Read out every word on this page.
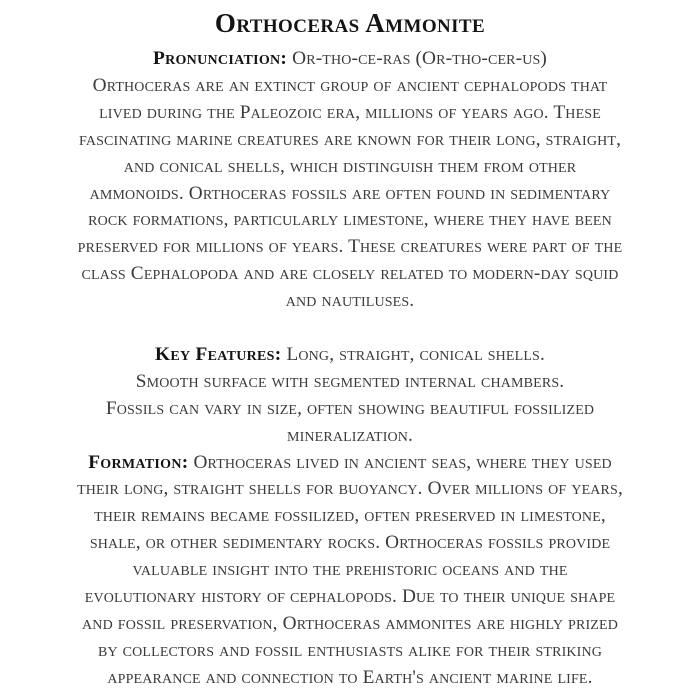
Orthoceras Ammonite
Pronunciation: Or-tho-ce-ras (Or-tho-cer-us)
Orthoceras are an extinct group of ancient cephalopods that
lived during the Paleozoic era, millions of years ago. These
fascinating marine creatures are known for their long, straight,
and conical shells, which distinguish them from other
ammonoids. Orthoceras fossils are often found in sedimentary
rock formations, particularly limestone, where they have been
preserved for millions of years. These creatures were part of the
class Cephalopoda and are closely related to modern-day squid
and nautiluses.
Key Features: Long, straight, conical shells.
Smooth surface with segmented internal chambers.
Fossils can vary in size, often showing beautiful fossilized
mineralization.
Formation: Orthoceras lived in ancient seas, where they used
their long, straight shells for buoyancy. Over millions of years,
their remains became fossilized, often preserved in limestone,
shale, or other sedimentary rocks. Orthoceras fossils provide
valuable insight into the prehistoric oceans and the
evolutionary history of cephalopods. Due to their unique shape
and fossil preservation, Orthoceras ammonites are highly prized
by collectors and fossil enthusiasts alike for their striking
appearance and connection to Earth's ancient marine life.
